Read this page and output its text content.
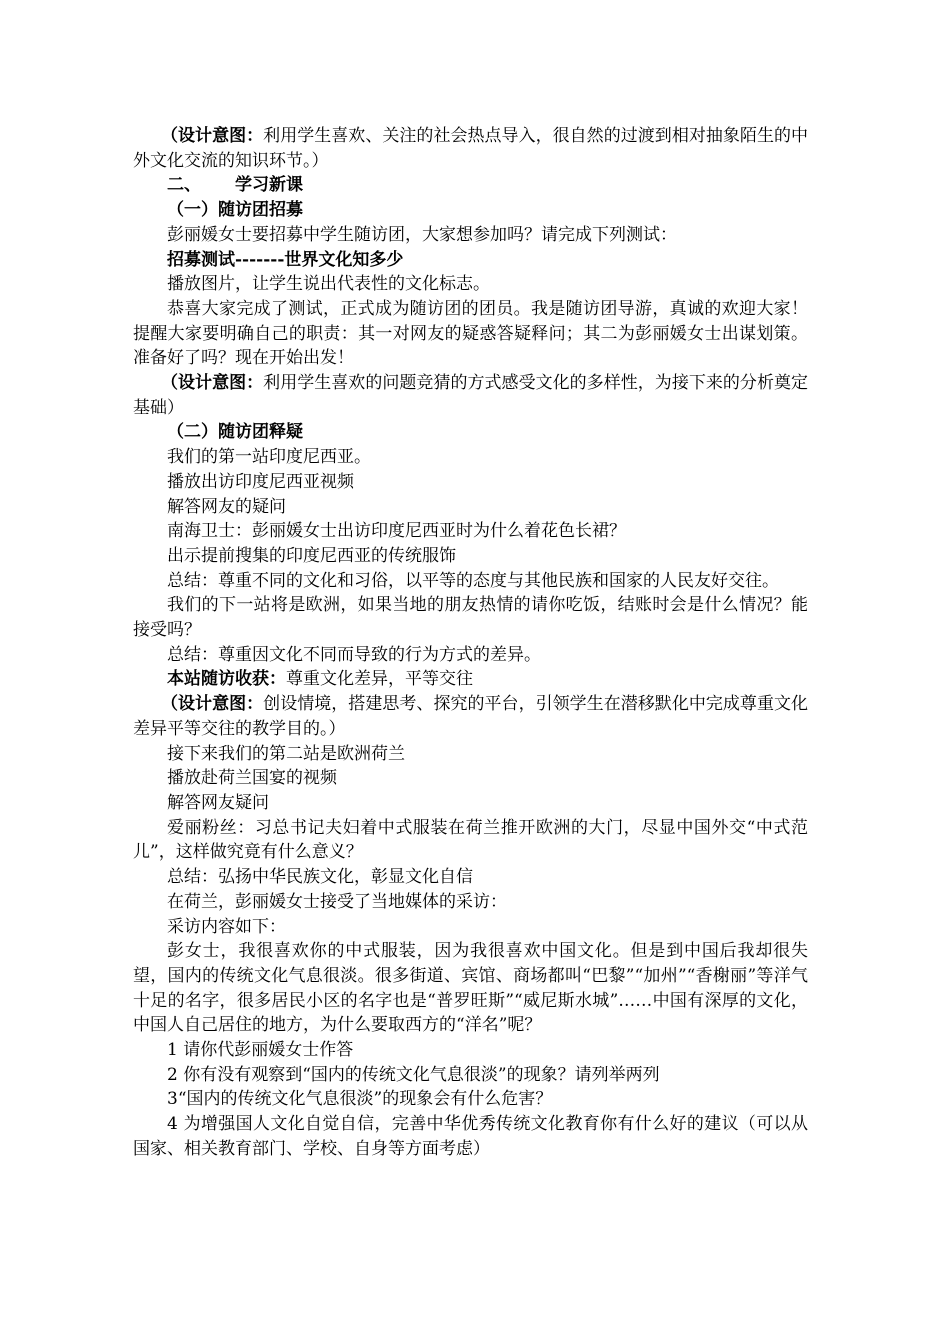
（设计意图：利用学生喜欢、关注的社会热点导入，很自然的过渡到相对抽象陌生的中外文化交流的知识环节。）

二、 学习新课

（一）随访团招募

彭丽媛女士要招募中学生随访团，大家想参加吗？请完成下列测试：

招募测试-------世界文化知多少

播放图片，让学生说出代表性的文化标志。

恭喜大家完成了测试，正式成为随访团的团员。我是随访团导游，真诚的欢迎大家！提醒大家要明确自己的职责：其一对网友的疑惑答疑释问；其二为彭丽媛女士出谋划策。准备好了吗？现在开始出发！

（设计意图：利用学生喜欢的问题竞猜的方式感受文化的多样性，为接下来的分析奠定基础）

（二）随访团释疑

我们的第一站印度尼西亚。

播放出访印度尼西亚视频

解答网友的疑问

南海卫士：彭丽媛女士出访印度尼西亚时为什么着花色长裙？

出示提前搜集的印度尼西亚的传统服饰

总结：尊重不同的文化和习俗，以平等的态度与其他民族和国家的人民友好交往。

我们的下一站将是欧洲，如果当地的朋友热情的请你吃饭，结账时会是什么情况？能接受吗？

总结：尊重因文化不同而导致的行为方式的差异。

本站随访收获：尊重文化差异，平等交往

（设计意图：创设情境，搭建思考、探究的平台，引领学生在潜移默化中完成尊重文化差异平等交往的教学目的。）

接下来我们的第二站是欧洲荷兰

播放赴荷兰国宴的视频

解答网友疑问

爱丽粉丝：习总书记夫妇着中式服装在荷兰推开欧洲的大门，尽显中国外交“中式范儿”，这样做究竟有什么意义？

总结：弘扬中华民族文化，彰显文化自信

在荷兰，彭丽媛女士接受了当地媒体的采访：

采访内容如下：

彭女士，我很喜欢你的中式服装，因为我很喜欢中国文化。但是到中国后我却很失望，国内的传统文化气息很淡。很多街道、宾馆、商场都叫“巴黎”“加州”“香榭丽”等洋气十足的名字，很多居民小区的名字也是“普罗旺斯”“威尼斯水城”……中国有深厚的文化，中国人自己居住的地方，为什么要取西方的“洋名”呢？

1 请你代彭丽媛女士作答

2 你有没有观察到“国内的传统文化气息很淡”的现象？请列举两列

3“国内的传统文化气息很淡”的现象会有什么危害？

4 为增强国人文化自觉自信，完善中华优秀传统文化教育你有什么好的建议（可以从国家、相关教育部门、学校、自身等方面考虑）
